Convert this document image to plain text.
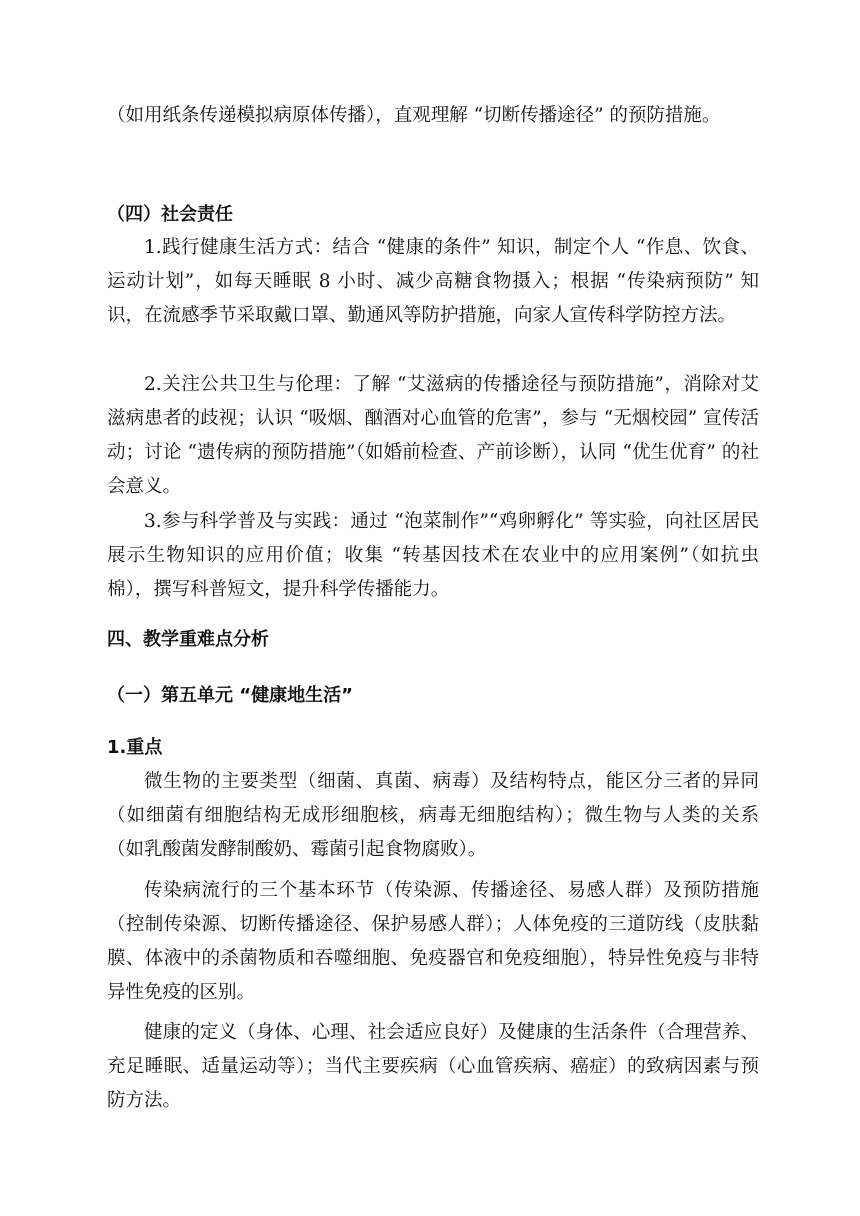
（如用纸条传递模拟病原体传播），直观理解 “切断传播途径” 的预防措施。

（四）社会责任

1.践行健康生活方式：结合 “健康的条件” 知识，制定个人 “作息、饮食、运动计划”，如每天睡眠 8 小时、减少高糖食物摄入；根据 “传染病预防” 知识，在流感季节采取戴口罩、勤通风等防护措施，向家人宣传科学防控方法。

2.关注公共卫生与伦理：了解 “艾滋病的传播途径与预防措施”，消除对艾滋病患者的歧视；认识 “吸烟、酗酒对心血管的危害”，参与 “无烟校园” 宣传活动；讨论 “遗传病的预防措施”（如婚前检查、产前诊断），认同 “优生优育” 的社会意义。

3.参与科学普及与实践：通过 “泡菜制作”“鸡卵孵化” 等实验，向社区居民展示生物知识的应用价值；收集 “转基因技术在农业中的应用案例”（如抗虫棉），撰写科普短文，提升科学传播能力。

四、教学重难点分析
（一）第五单元 “健康地生活”
1.重点

微生物的主要类型（细菌、真菌、病毒）及结构特点，能区分三者的异同（如细菌有细胞结构无成形细胞核，病毒无细胞结构）；微生物与人类的关系（如乳酸菌发酵制酸奶、霉菌引起食物腐败）。

传染病流行的三个基本环节（传染源、传播途径、易感人群）及预防措施（控制传染源、切断传播途径、保护易感人群）；人体免疫的三道防线（皮肤黏膜、体液中的杀菌物质和吞噬细胞、免疫器官和免疫细胞），特异性免疫与非特异性免疫的区别。

健康的定义（身体、心理、社会适应良好）及健康的生活条件（合理营养、充足睡眠、适量运动等）；当代主要疾病（心血管疾病、癌症）的致病因素与预防方法。
